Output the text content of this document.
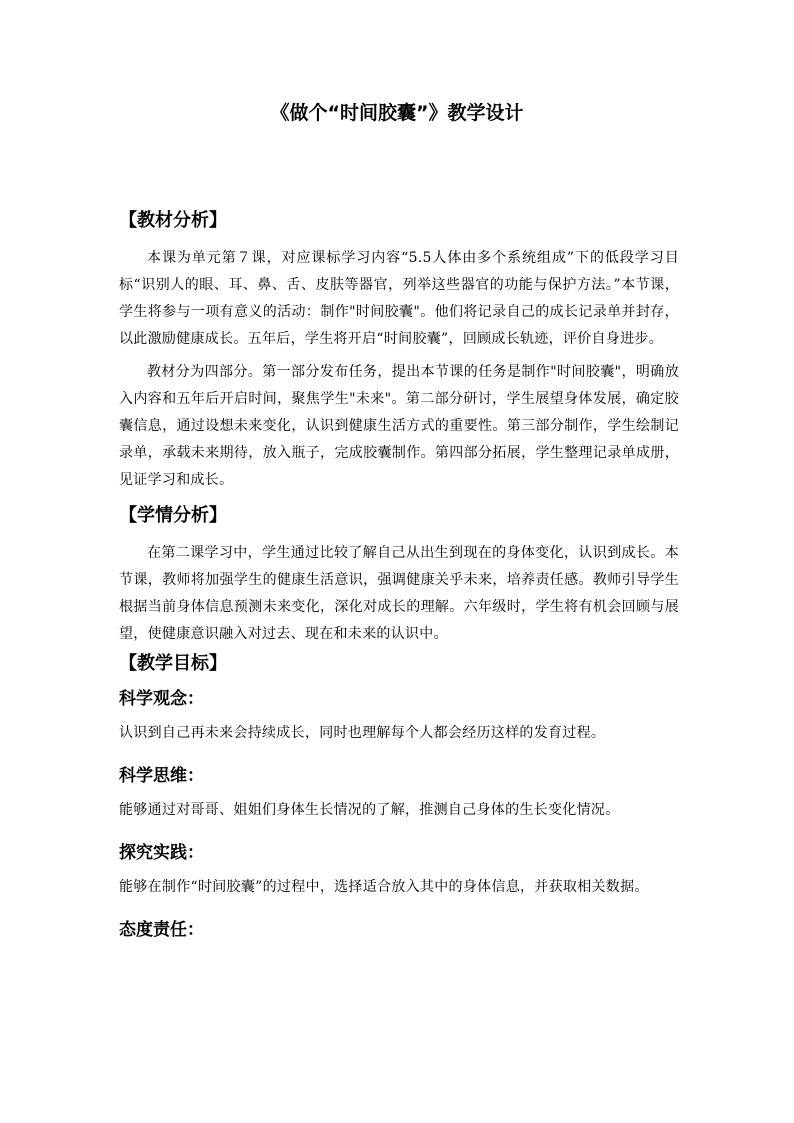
《做个“时间胶囊”》教学设计
【教材分析】

本课为单元第７课，对应课标学习内容“5.5人体由多个系统组成”下的低段学习目标“识别人的眼、耳、鼻、舌、皮肤等器官，列举这些器官的功能与保护方法。”本节课，学生将参与一项有意义的活动：制作"时间胶囊"。他们将记录自己的成长记录单并封存，以此激励健康成长。五年后，学生将开启“时间胶囊”，回顾成长轨迹，评价自身进步。

教材分为四部分。第一部分发布任务，提出本节课的任务是制作"时间胶囊"，明确放入内容和五年后开启时间，聚焦学生"未来"。第二部分研讨，学生展望身体发展，确定胶囊信息，通过设想未来变化，认识到健康生活方式的重要性。第三部分制作，学生绘制记录单，承载未来期待，放入瓶子，完成胶囊制作。第四部分拓展，学生整理记录单成册，见证学习和成长。

【学情分析】

在第二课学习中，学生通过比较了解自己从出生到现在的身体变化，认识到成长。本节课，教师将加强学生的健康生活意识，强调健康关乎未来，培养责任感。教师引导学生根据当前身体信息预测未来变化，深化对成长的理解。六年级时，学生将有机会回顾与展望，使健康意识融入对过去、现在和未来的认识中。

【教学目标】
科学观念：

认识到自己再未来会持续成长，同时也理解每个人都会经历这样的发育过程。

科学思维：

能够通过对哥哥、姐姐们身体生长情况的了解，推测自己身体的生长变化情况。

探究实践：

能够在制作“时间胶囊”的过程中，选择适合放入其中的身体信息，并获取相关数据。

态度责任：
